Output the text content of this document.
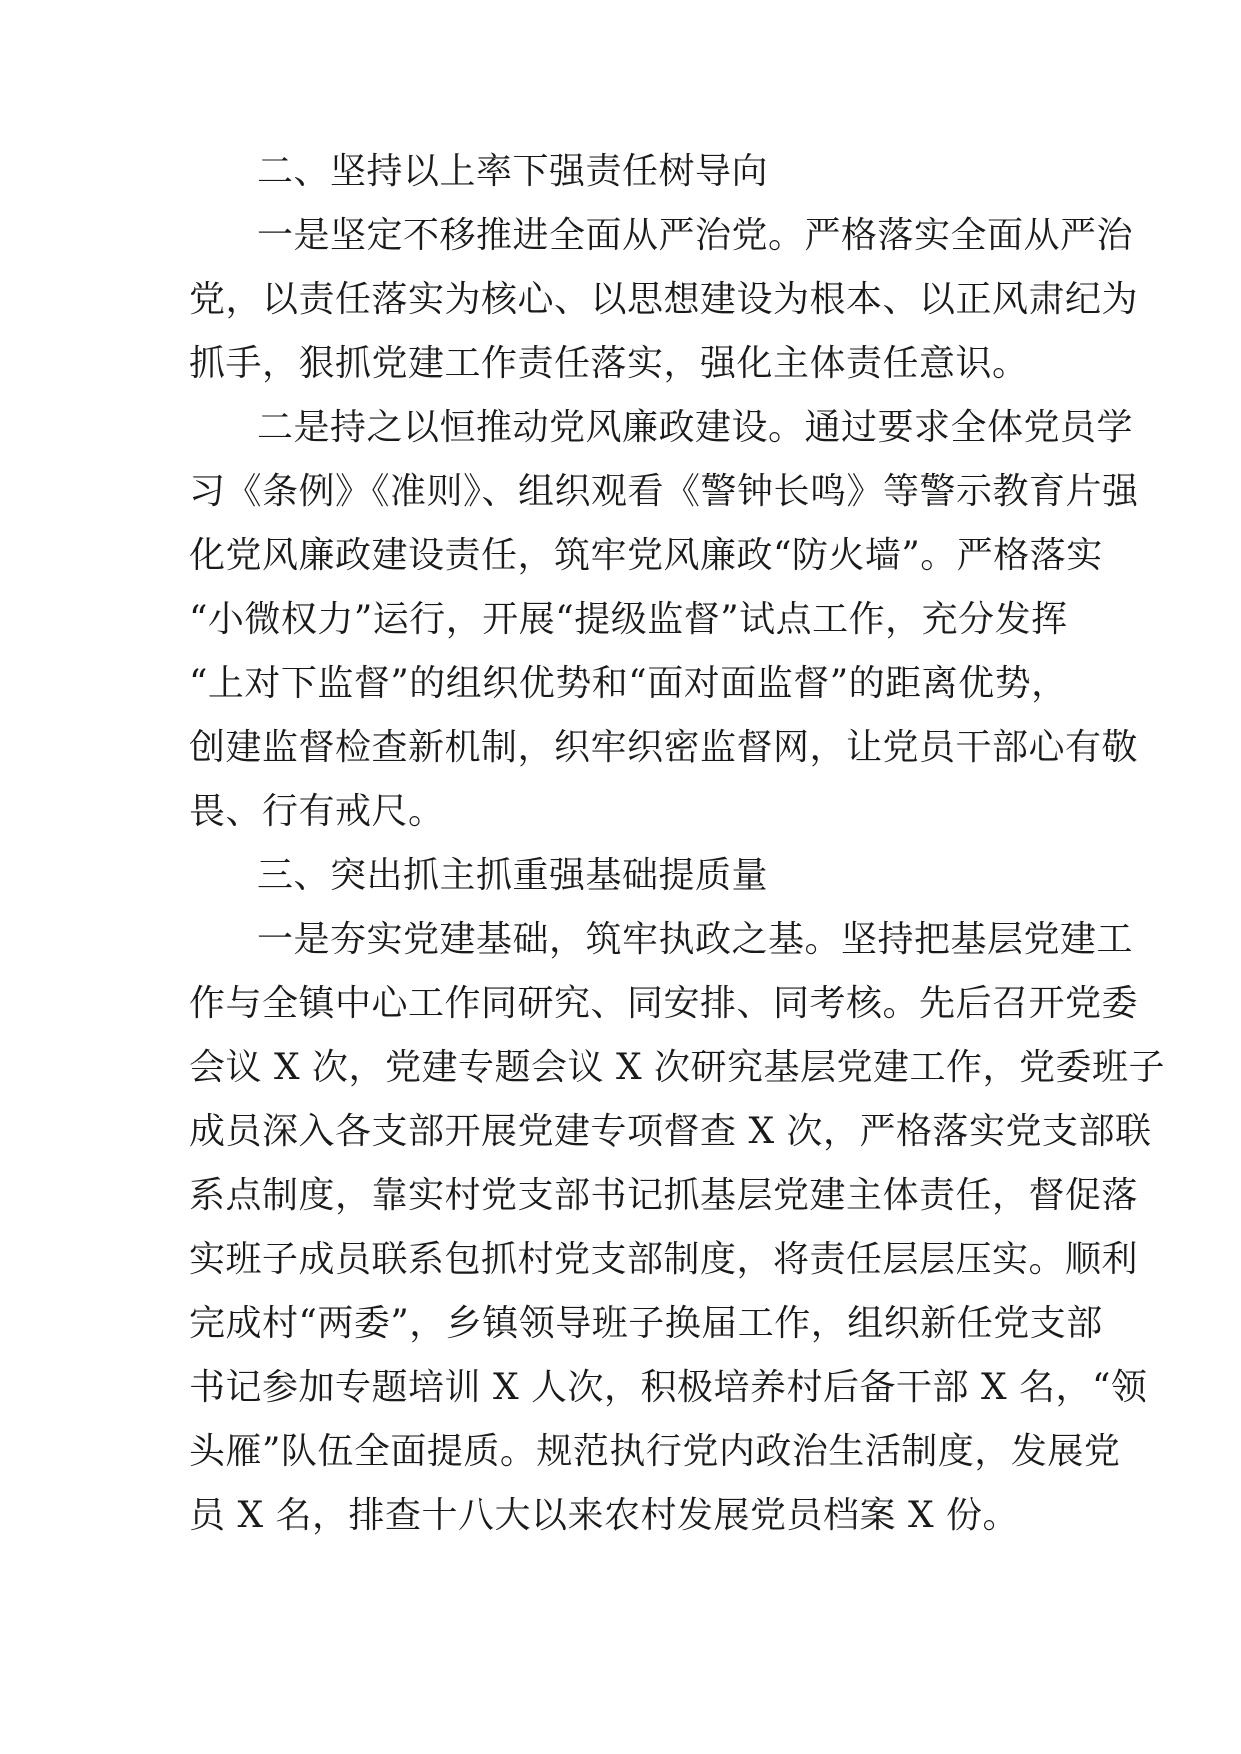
二、坚持以上率下强责任树导向
一是坚定不移推进全面从严治党。严格落实全面从严治
党，以责任落实为核心、以思想建设为根本、以正风肃纪为
抓手，狠抓党建工作责任落实，强化主体责任意识。
二是持之以恒推动党风廉政建设。通过要求全体党员学
习《条例》《准则》、组织观看《警钟长鸣》等警示教育片强
化党风廉政建设责任，筑牢党风廉政“防火墙”。严格落实
“小微权力”运行，开展“提级监督”试点工作，充分发挥
“上对下监督”的组织优势和“面对面监督”的距离优势，
创建监督检查新机制，织牢织密监督网，让党员干部心有敬
畏、行有戒尺。
三、突出抓主抓重强基础提质量
一是夯实党建基础，筑牢执政之基。坚持把基层党建工
作与全镇中心工作同研究、同安排、同考核。先后召开党委
会议 X 次，党建专题会议 X 次研究基层党建工作，党委班子
成员深入各支部开展党建专项督查 X 次，严格落实党支部联
系点制度，靠实村党支部书记抓基层党建主体责任，督促落
实班子成员联系包抓村党支部制度，将责任层层压实。顺利
完成村“两委”，乡镇领导班子换届工作，组织新任党支部
书记参加专题培训 X 人次，积极培养村后备干部 X 名，“领
头雁”队伍全面提质。规范执行党内政治生活制度，发展党
员 X 名，排查十八大以来农村发展党员档案 X 份。
